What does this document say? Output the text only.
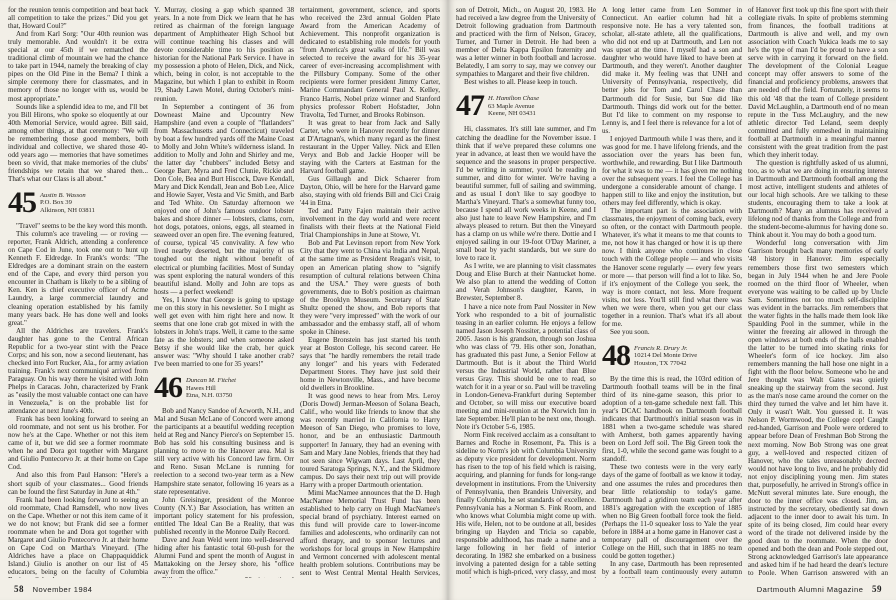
for the reunion tennis competition and beat back all competition to take the prizes." Did you get that, Howard Coul?"

And from Karl Sorg: "Our 40th reunion was truly memorable. And wouldn't it be extra special at our 45th if we rematched the traditional climb of mountain we had the chance to take part in 1944, namely the breaking of clay pipes on the Old Pine in the Bema? I think a simple ceremony there for classmates, and in memory of those no longer with us, would be most appropriate."

Sounds like a splendid idea to me, and I'll bet you Bill Hirons, who spoke so eloquently at our 40th Memorial Service, would agree. Bill said, among other things, at that ceremony: "We will be remembering those good members, both individual and collective, we shared those 40-odd years ago — memories that have sometimes been so vivid, that make memories of the clubs' friendships we retain that we shared then... That's what our Class is all about."

45 Austin B. Wasson
P.O. Box 39
Alkinson, NH 03811

"Travel" seems to be the key word this month.

This column's ace traveling — or roving — reporter, Frank Aldrich, attending a conference on Cape Cod in June, took one out to hunt up Kenneth F. Eldredge. In Frank's words: "The Eldredges are a dominant strain on the eastern end of the Cape, and every third person you encounter in Chatham is likely to be a sibling of Ken. Ken is chief executive officer of Acme Laundry, a large commercial laundry and cleaning operation established by his family many years back. He has done well and looks great."

All the Aldriches are travelers. Frank's daughter has gone to the Central African Republic for a two-year stint with the Peace Corps; and his son, now a second lieutenant, has checked into Fort Rucker, Ala., for army aviation training. Frank's next communiqué arrived from Paraguay. On his way there he visited with John Phelps in Caracas. John, characterized by Frank as "easily the most valuable contact one can have in Venezuela," is on the probable list for attendance at next June's 40th.

Frank has been looking forward to seeing an old roommate, and not sent us his brother. For now he's at the Cape. Whether or not this item came of it, but we did see a former roommate when he and Dora got together with Margaret and Giulio Pontecorvo Jr. at their home on Cape Cod.

And also this from Paul Hanson: "Here's a short squib of your classmates... Good friends can be found the first Saturday in June at 4th."

Frank had been looking forward to seeing an old roommate, Chad Ramsdell, who now lives on the Cape. Whether or not this item came of it we do not know; but Frank did see a former roommate when he and Dora got together with Margaret and Giulio Pontecorvo Jr. at their home on Cape Cod on Martha's Vineyard. (The Aldriches have a place on Chappaquiddick Island.) Giulio is another on our list of 45 educators, being on the faculty of Columbia

Y. Murray, closing a gap which spanned 38 years. In a note from Dick we learn that he has retired as chairman of the foreign language department of Amphitheater High School but will continue teaching his classes and will devote considerable time to his position as historian for the National Park Service. I have in my possession a photo of Helen, Dick, and Nick, which, being in color, is not acceptable to the Magazine, but which I plan to exhibit in Room 19, Shady Lawn Motel, during October's mini-reunion.

In September a contingent of 36 from Downeast Maine and Upcountry New Hampshire (and even a couple of "flatlanders" from Massachusetts and Connecticut) traveled by boat a few hundred yards off the Maine Coast to Molly and John White's wilderness island. In addition to Molly and John and Shirley and me, the latter day "chubbers" included Betsy and George Barr, Myra and Fred Clunie, Rickie and Don Cole, Bea and Burt Hiscock, Dave Kendall, Mary and Dick Kendall, Jean and Bob Lee, Alice and Howie Sayer, Vesta and Vic Smith, and Barb and Ted White. On Saturday afternoon we enjoyed one of John's famous outdoor lobster bakes and shore dinner — lobsters, clams, corn, hot dogs, potatoes, onions, eggs, all steamed in seaweed over an open fire. The evening featured, of course, typical '45 convivality. A few who lived nearby deserted, but the majority of us toughed out the night without benefit of electrical or plumbing facilities. Most of Sunday was spent exploring the natural wonders of this beautiful island. Molly and John are tops as hosts — a perfect weekend!

Yes, I know that George is going to upstage me on this story in his newsletter. So I might as well get even with him right here and now. It seems that one lone crab got mixed in with the lobsters in John's traps. Well, it came to the same fate as the lobsters; and when someone asked Betsy if she would like the crab, her quick answer was: "Why should I take another crab? I've been married to one for 35 years!"

46 Duncan M. Fitchet
Hawes Hill
Etna, N.H. 03750

Bob and Nancy Sandoe of Acworth, N.H., and Mal and Susan McLane of Concord were among the participants at a beautiful wedding reception held at Reg and Nancy Pierce's on September 15. Bob has sold his consulting business and is planning to move to the Hanover area. Mal is still very active with his Concord law firm. Orr and Reno. Susan McLane is running for reelection to a second two-year term as a New Hampshire state senator, following 16 years as a state representative.

John Greisinger, president of the Monroe County (N.Y.) Bar Association, has written an important policy statement for his profession, entitled The Ideal Can Be a Reality, that was published recently in the Monroe Daily Record.

Dave and Jean Weld went into well-deserved hiding after his fantastic total 60-push for the Alumni Fund and spent the month of August in Mattakoking on the Jersey shore, his "office away from the office."

tertainment, government, science, and sports who received the 23rd annual Golden Plate Award from the American Academy of Achievement. This nonprofit organization is dedicated to establishing role models for youth "from America's great walks of life." Bill was selected to receive the award for his 35-year career of ever-increasing accomplishment with the Pillsbury Company. Some of the other recipients were former president Jimmy Carter, Marine Commandant General Paul X. Kelley, Franco Harris, Nobel prize winner and Stanford physics professor Robert Hofstadter, John Travolta, Ted Turner, and Brooks Robinson.

It was great to hear from Jack and Sally Carter, who were in Hanover recently for dinner at D'Artagnan's, which many regard as the finest restaurant in the Upper Valley. Nick and Ellen Veryx and Bob and Jackie Hooper will be staying with the Carters at Eastman for the Harvard football game.

Gus Gillaugh and Dick Schaerer from Dayton, Ohio, will be here for the Harvard game also, staying with old friends Bill and Cici Craig '44 in Etna.

Ted and Patty Fajen maintain their active involvement in the day world and were recent finalists with their fleets at the National Field Trial Championships in June at Stowe, Vt.

Bob and Pat Levinson report from New York City that they went to China via India and Nepal, at the same time as President Reagan's visit, to open an American plating show to "signify resumption of cultural relations between China and the USA." They were guests of both governments, due to Bob's position as chairman of the Brooklyn Museum. Secretary of State Shultz opened the show, and Bob reports that they were "very impressed" with the work of our ambassador and the embassy staff, all of whom spoke in Chinese.

Eugene Bronstein has just started his tenth year at Boston College, his second career. He says that "he hardly remembers the retail trade any longer" and his years with Federated Department Stores. They have just sold their home in Newtonville, Mass., and have become old dwellers in Brookline.

It was good news to hear from Mrs. Leroy (Doris Dowd) Jerman-Meeson of Solana Beach, Calif., who would like friends to know that she was recently married in California to Harry Meeson of San Diego, who promises to love, honor, and be an enthusiastic Dartmouth supporter! In January, they had an evening with Sam and Mary Jane Nobles, friends that they had not seen since Wigwam days. Last April, they toured Saratoga Springs, N.Y., and the Skidmore campus. Do says their next trip out will provide Harry with a proper Dartmouth orientation.

Mimi MacNamee announces that the D. Hugh MacNamee Memorial Trust Fund has been established to help carry on Hugh MacNamee's special brand of psychiatry. Interest earned on this fund will provide care to lower-income families and adolescents, who ordinarily can not afford therapy, and to sponsor lectures and workshops for local groups in New Hampshire and Vermont concerned with adolescent mental health problem solutions. Contributions may be sent to West Central Mental Health Services,

58 November 1984

son of Detroit, Mich., on August 20, 1983. He had received a law degree from the University of Detroit following graduation from Dartmouth and practiced with the firm of Nelson, Gracey, Turner, and Turner in Detroit. He had been a member of Delta Kappa Epsilon fraternity and was a letter winner in both football and lacrosse. Belatedly, I am sorry to say, may we convey our sympathies to Margaret and their five children.

Best wishes to all. Please keep in touch.

47 H. Hamilton Chase
63 Maple Avenue
Keene, NH 03431

Hi, classmates. It's still late summer, and I'm catching the deadline for the November issue. I think that if we've prepared these columns one year in advance, at least then we would have the sequence and the seasons in proper perspective. I'd be writing in summer, you'd be reading in summer, and ditto for winter. We're having a beautiful summer, full of sailing and swimming, and as usual I don't like to say goodbye to Martha's Vineyard. That's a somewhat funny too, because I spend all work weeks in Keene, and I also just hate to leave New Hampshire, and I'm always pleased to return. But then the Vineyard has a clamp on us while we're there. Dottie and I enjoyed sailing in our 19-foot O'Day Mariner, a small boat by yacht standards, but we sure do love to race it.

As I write, we are planning to visit classmates Doug and Elise Burch at their Nantucket home. We also plan to attend the wedding of Cotton and Verah Johnson's daughter, Karen, in Brewster, September 8.

I have a nice note from Paul Nossiter in New York who responded to a bit of journalistic teasing in an earlier column. He enjoys a fellow named Jason Joseph Nossiter, a potential class of 2005. Jason is his grandson, through son Joshua who was class of '79. His other son, Jonathan, has graduated this past June, a Senior Fellow at Dartmouth. But is it about the Third World versus the Industrial World, rather than Blue versus Gray. This should be one to read, so watch for it in a year or so. Paul will be traveling in London-Geneva-Frankfurt during September and October, so will miss our executive board meeting and mini-reunion at the Norwich Inn in late September. He'll plan to be next one, though. Note it's October 5-6, 1985.

Norm Fink received acclaim as a consultant to Barnes and Roche in Rosemont, Pa. This is a sideline to Norm's job with Columbia University as deputy vice president for development. Norm has risen to the top of his field which is raising, acquiring, and planning for funds for long-range development in institutions. From the University of Pennsylvania, then Brandeis University, and finally Columbia, he set standards of excellence. Pennsylvania has a Norman S. Fink Room, and who knows what Columbia might come up with. His wife, Helen, not to be outdone at all, besides bringing up Hayden and Tricia so capable, responsible adulthood, has made a name and a large following in her field of interior decorating. In 1982 she embarked on a business involving a patented design for a table setting motif which is high-priced, very classy, and most

A long letter came from Len Sommer in Connecticut. An earlier column had hit a responsive note. He has a very talented son, scholar, all-state athlete, all the qualifications, who did not end up at Dartmouth, and Len not was upset at the time. I myself had a son and daughter who would have liked to have been at Dartmouth, and they weren't. Another daughter did make it. My feeling was that UNH and University of Pennsylvania, respectively, did better jobs for Tom and Carol Chase than Dartmouth did for Susie, but Sue did like Dartmouth. Things did work out for the better. But I'd like to comment on my response to Lenny is, and I feel there is relevance for a lot of us.

I enjoyed Dartmouth while I was there, and it was good for me. I have lifelong friends, and the association over the years has been fun, worthwhile, and rewarding. But I like Dartmouth for what it was to me — it has given me nothing over the subsequent years. I feel the College has undergone a considerable amount of change. I happen still to like and enjoy the institution, but others may feel differently, which is okay.

The important part is the association with classmates, the enjoyment of coming back, every so often, or the contact with Dartmouth people. Whatever, it's what it means to me that counts to me, not how it has changed or how it is up there now. I think anyone who continues in close touch with the College people — and who visits the Hanover scene regularly — every few years or more — that person will find a lot to like. So, if it's enjoyment of the College you seek, the way is more contact, not less. More frequent visits, not less. You'll still find what there was when we were there, when you get our class together in a reunion. That's what it's all about for me.

See you soon.

48 Francis R. Drury Jr.
10214 Del Monte Drive
Houston, TX 77042

By the time this is read, the 103rd edition of Dartmouth football teams will be in the final third of its nine-game season, this prior to adoption of a ten-game schedule next fall. This year's DCAC handbook on Dartmouth football indicates that Dartmouth's initial season was in 1881 when a two-game schedule was shared with Amherst, both games apparently having been on Lord Jeff soil. The Big Green took the first, 1-0, while the second game was fought to a standoff.

These two contests were in the very early days of the game of football as we know it today, and one assumes the rules and procedures then bear little relationship to today's game. Dartmouth had a gridiron team each year after 1881's aggregation with the exception of 1885 when no Big Green football force took the field. (Perhaps the 11-0 squeaker loss to Yale the year before in 1884 at a home game in Hanover cast a temporary pall of discouragement over the College on the Hill, such that in 1885 no team could be gotten together.)

In any case, Dartmouth has been represented by a football team continuously every autumn

of Hanover first took up this fine sport with their collegiate rivals. In spite of problems stemming from finances, the football traditions at Dartmouth is alive and well, and my own association with Coach Yukica leads me to say he's the type of man I'd be proud to have a son serve with in carrying it forward on the field. The development of the Colonial League concept may offer answers to some of the financial and proficiency problems, answers that are needed off the field. Fortunately, it seems to this old '48 that the team of College president David McLaughlin, a Dartmouth end of no mean repute in the Tuss McLaughry, and the new athletic director Ted Leland, seem deeply committed and fully enmeshed in maintaining football at Dartmouth in a meaningful manner consistent with the great tradition from the past which they inherit today.

The question is rightfully asked of us alumni, too, as to what we are doing in ensuring interest in Dartmouth and Dartmouth football among the most active, intelligent students and athletes of our local high schools. Are we talking to these students, encouraging them to take a look at Dartmouth? Many an alumnus has received a lifelong nod of thanks from the College and from the student-become-alumnus for having done so. Think about it. You may do both a good turn.

Wonderful long conversation with Jim Garrison brought back many memories of early '48 history in Hanover. Jim especially remembers those first two semesters which began in July 1944 when he and Jere Poole roomed on the third floor of Wheeler, when everyone was waiting to be called up by Uncle Sam. Sometimes not too much self-discipline was evident in the barracks. Jim remembers that the water fights in the halls made them look like Spaulding Pool in the summer, while in the winter the freezing air allowed in through the open windows at both ends of the halls enabled the latter to be turned into skating rinks for Wheeler's form of ice hockey. Jim also remembers manning the hall hose one night in a fight with the floor below. Someone who he and Jere thought was Walt Gates was quietly sneaking up the stairway from the second. Just as the man's nose came around the corner on the third they turned the valve and let him have it. Only it wasn't Walt. You guessed it. It was Nelson P. Wormwood, the College cop! Caught red-handed, Garrison and Poole were ordered to appear before Dean of Freshman Bob Strong the next morning. Now Bob Strong was one great guy, a well-loved and respected citizen of Hanover, who the tales unreasonably decreed would not have long to live, and he probably did not enjoy disciplining young men. Jim states that, purposefully, he arrived in Strong's office in McNutt several minutes late. Sure enough, the door to the inner office was closed. Jim, as instructed by the secretary, obediently sat down adjacent to the inner door to await his turn. In spite of its being closed, Jim could hear every word of the tirade not delivered inside by the good dean to the roommate. When the door opened and both the dean and Poole stepped out, Strong acknowledged Garrison's late appearance and asked him if he had heard the dean's lecture to Poole. When Garrison answered with an

Dartmouth Alumni Magazine 59
